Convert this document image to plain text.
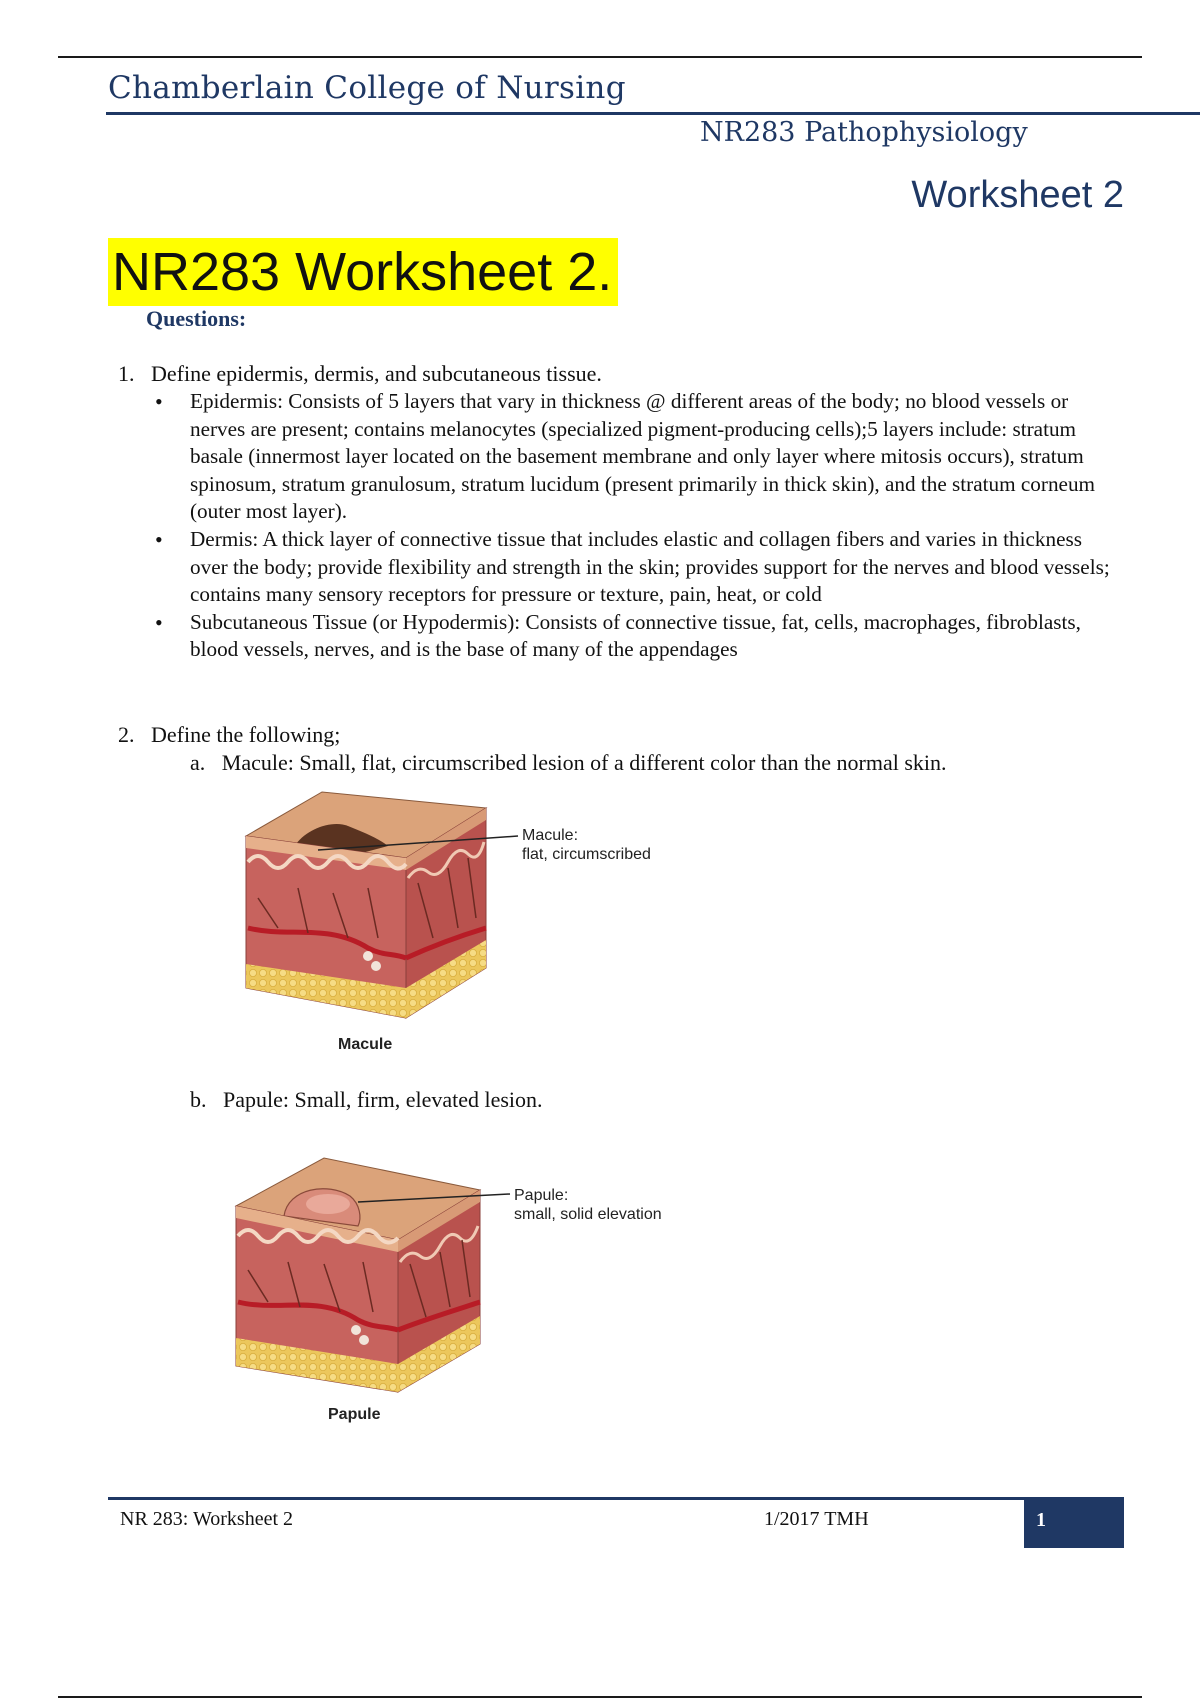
Chamberlain College of Nursing
NR283 Pathophysiology
Worksheet 2
NR283 Worksheet 2.
Questions:
1. Define epidermis, dermis, and subcutaneous tissue.
• Epidermis: Consists of 5 layers that vary in thickness @ different areas of the body; no blood vessels or nerves are present; contains melanocytes (specialized pigment-producing cells);5 layers include: stratum basale (innermost layer located on the basement membrane and only layer where mitosis occurs), stratum spinosum, stratum granulosum, stratum lucidum (present primarily in thick skin), and the stratum corneum (outer most layer).
• Dermis: A thick layer of connective tissue that includes elastic and collagen fibers and varies in thickness over the body; provide flexibility and strength in the skin; provides support for the nerves and blood vessels; contains many sensory receptors for pressure or texture, pain, heat, or cold
• Subcutaneous Tissue (or Hypodermis): Consists of connective tissue, fat, cells, macrophages, fibroblasts, blood vessels, nerves, and is the base of many of the appendages
2. Define the following;
a. Macule: Small, flat, circumscribed lesion of a different color than the normal skin.
Macule:
flat, circumscribed
Macule
b. Papule: Small, firm, elevated lesion.
Papule:
small, solid elevation
Papule
NR 283: Worksheet 2	1/2017 TMH	1
